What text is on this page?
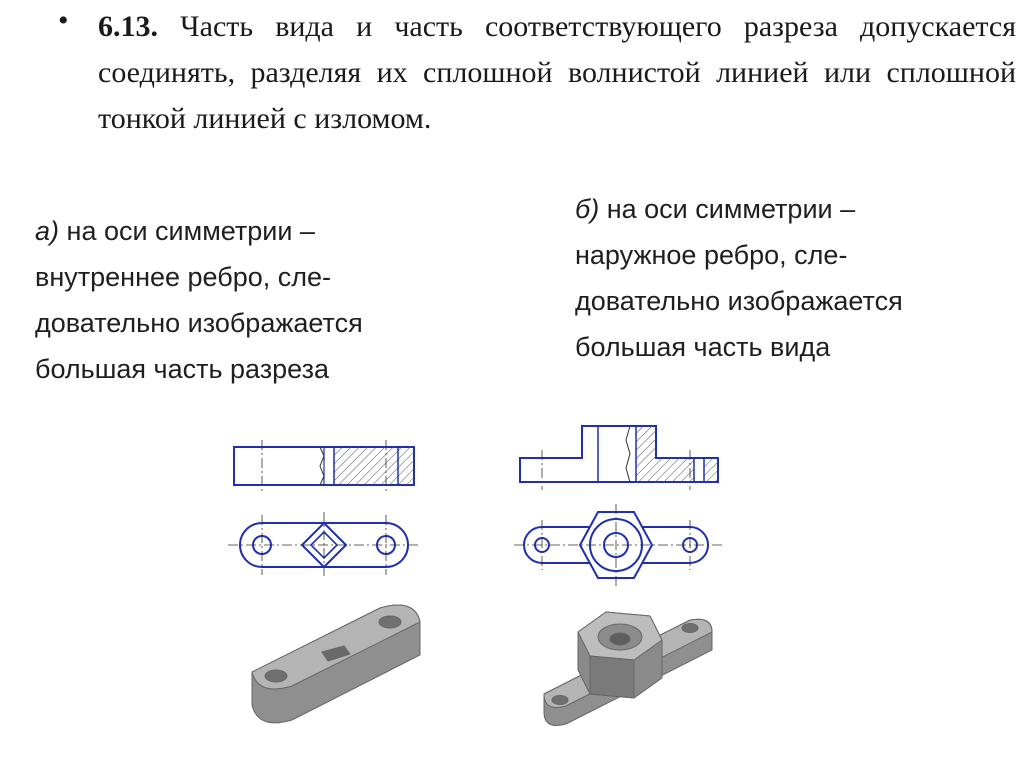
• 6.13. Часть вида и часть соответствующего разреза допускается соединять, разделяя их сплошной волнистой линией или сплошной тонкой линией с изломом.

а) на оси симметрии –
внутреннее ребро, сле-
довательно изображается
большая часть разреза
б) на оси симметрии –
наружное ребро, сле-
довательно изображается
большая часть вида
